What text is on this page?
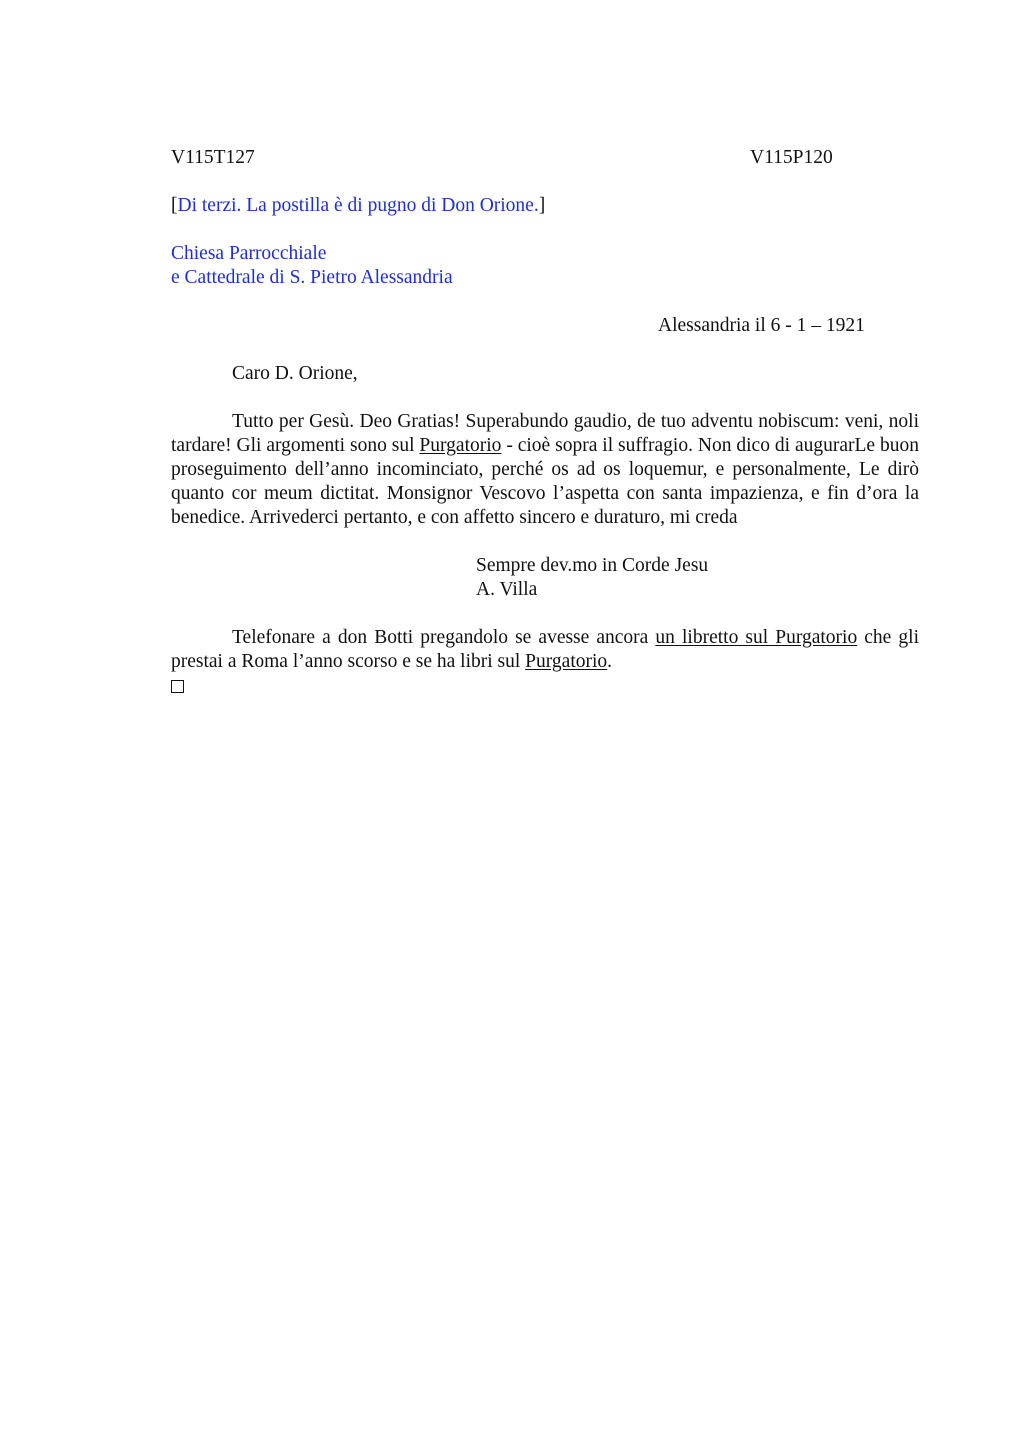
V115T127	V115P120
[Di terzi. La postilla è di pugno di Don Orione.]
Chiesa Parrocchiale
e Cattedrale di S. Pietro Alessandria
Alessandria il 6 - 1 – 1921
Caro D. Orione,

Tutto per Gesù. Deo Gratias! Superabundo gaudio, de tuo adventu nobiscum: veni, noli tardare! Gli argomenti sono sul Purgatorio - cioè sopra il suffragio. Non dico di augurarLe buon proseguimento dell’anno incominciato, perché os ad os loquemur, e personalmente, Le dirò quanto cor meum dictitat. Monsignor Vescovo l’aspetta con santa impazienza, e fin d’ora la benedice. Arrivederci pertanto, e con affetto sincero e duraturo, mi creda

Sempre dev.mo in Corde Jesu
A. Villa

Telefonare a don Botti pregandolo se avesse ancora un libretto sul Purgatorio che gli prestai a Roma l’anno scorso e se ha libri sul Purgatorio.
